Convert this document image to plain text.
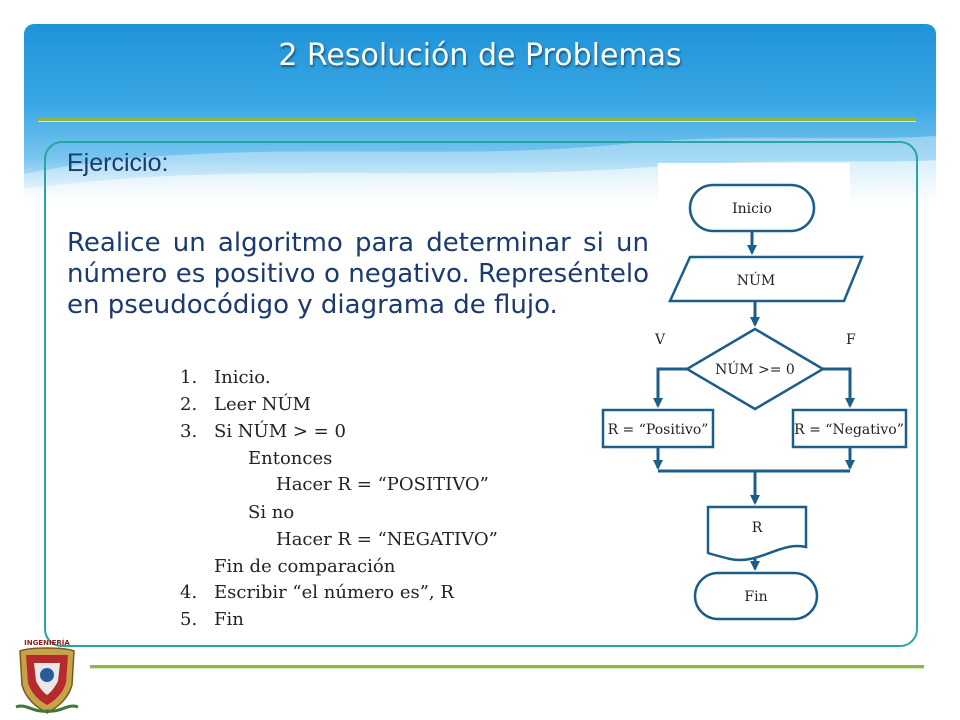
2 Resolución de Problemas
Ejercicio:
Realice un algoritmo para determinar si un número es positivo o negativo. Represéntelo en pseudocódigo y diagrama de flujo.
1. Inicio.
2. Leer NÚM
3. Si NÚM > = 0
Entonces
Hacer R = “POSITIVO”
Si no
Hacer R = “NEGATIVO”
Fin de comparación
4. Escribir “el número es”, R
5. Fin
Inicio
NÚM
NÚM >= 0
V	F
R = “Positivo”	R = “Negativo”
R
Fin
INGENIERÍA
